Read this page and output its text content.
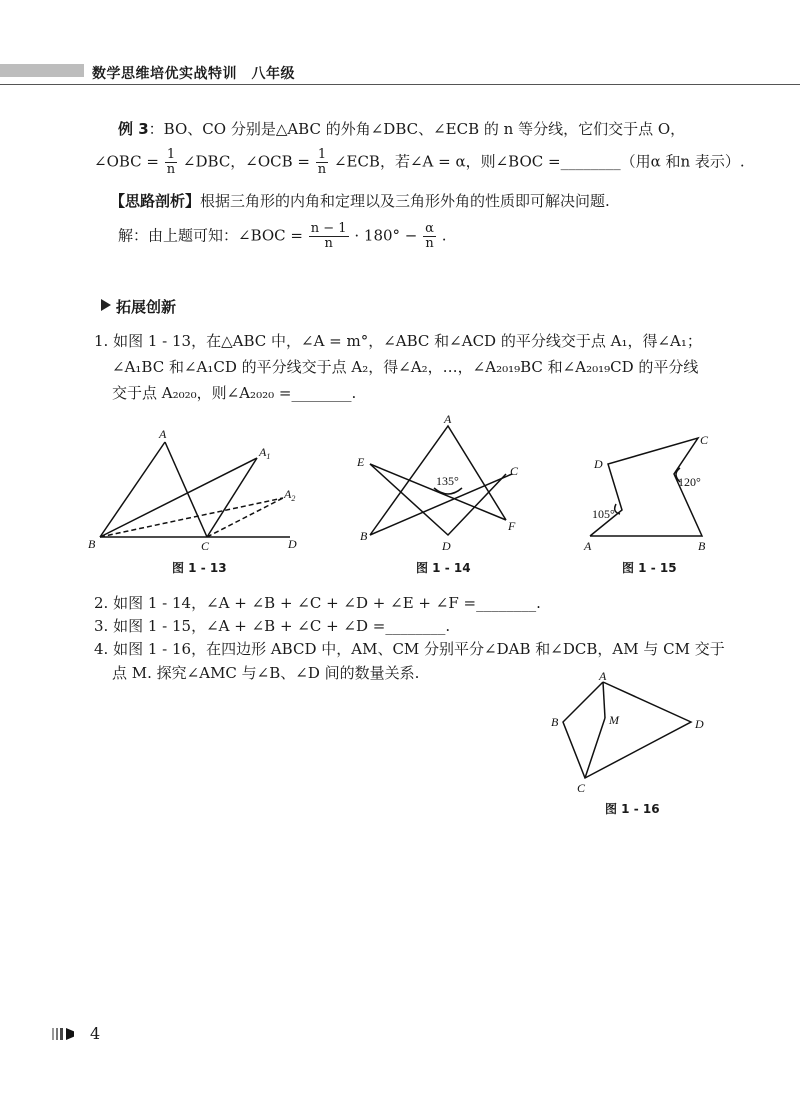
数学思维培优实战特训　八年级
例 3：BO、CO 分别是△ABC 的外角∠DBC、∠ECB 的 n 等分线，它们交于点 O，
∠OBC = $\frac{1}{n}$ ∠DBC，∠OCB = $\frac{1}{n}$ ∠ECB，若∠A = α，则∠BOC =________（用α 和n 表示）.
【思路剖析】根据三角形的内角和定理以及三角形外角的性质即可解决问题.
解：由上题可知：∠BOC = $\frac{n - 1}{n} \cdot 180^\circ - \frac{\alpha}{n}$ .
拓展创新
1. 如图 1 - 13，在△ABC 中，∠A = m°，∠ABC 和∠ACD 的平分线交于点 A₁，得∠A₁；
∠A₁BC 和∠A₁CD 的平分线交于点 A₂，得∠A₂，…，∠A₂₀₁₉BC 和∠A₂₀₁₉CD 的平分线
交于点 A₂₀₂₀，则∠A₂₀₂₀ =________.
A
$A_1$
$A_2$
B	C	D
图 1 - 13
A
B
C
D
E
F
135°
图 1 - 14
A	B
C
D
105°
120°
图 1 - 15
2. 如图 1 - 14，∠A + ∠B + ∠C + ∠D + ∠E + ∠F =________.
3. 如图 1 - 15，∠A + ∠B + ∠C + ∠D =________.
4. 如图 1 - 16，在四边形 ABCD 中，AM、CM 分别平分∠DAB 和∠DCB，AM 与 CM 交于
点 M. 探究∠AMC 与∠B、∠D 间的数量关系.	A
B
C
D
M
图 1 - 16
4
